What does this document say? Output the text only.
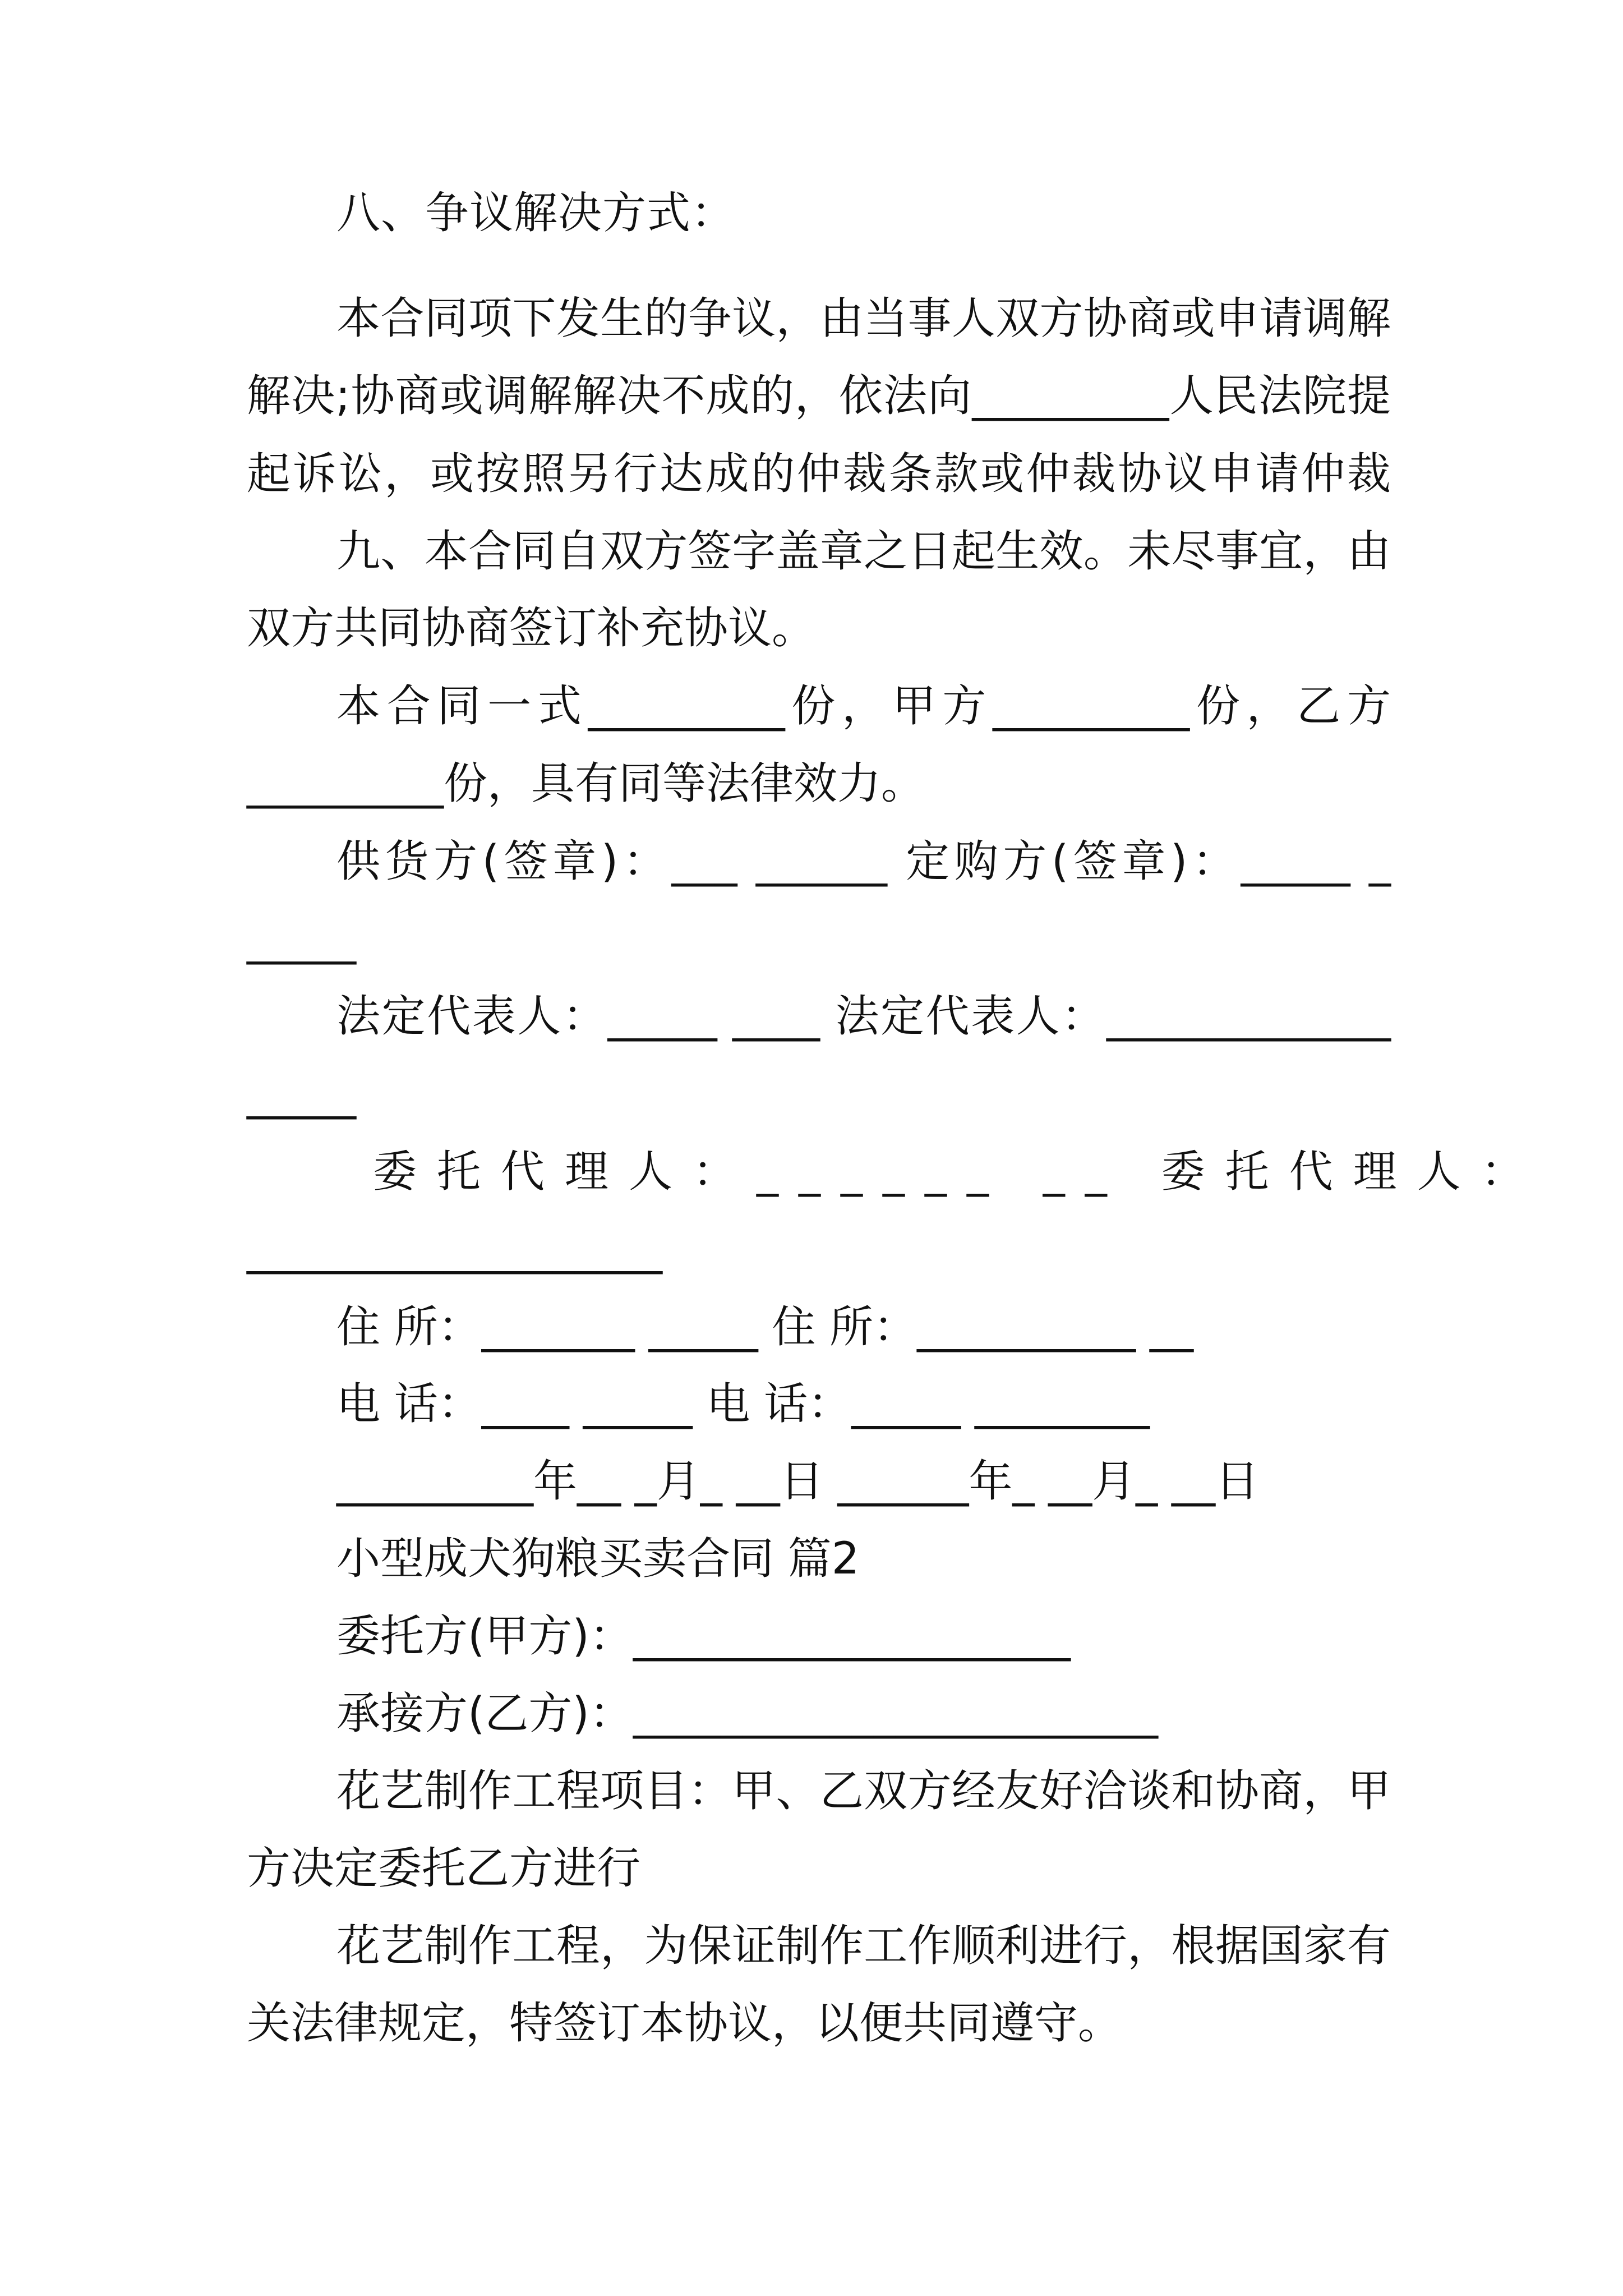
八、争议解决方式：
本合同项下发生的争议，由当事人双方协商或申请调解
解决;协商或调解解决不成的，依法向_________人民法院提
起诉讼，或按照另行达成的仲裁条款或仲裁协议申请仲裁
九、本合同自双方签字盖章之日起生效。未尽事宜，由
双方共同协商签订补充协议。
本合同一式_________份，甲方_________份，乙方
_________份，具有同等法律效力。
供货方(签章)：___ ______ 定购方(签章)：_____ _
_____
法定代表人：_____ ____ 法定代表人：_____________
_____
委托代理人：______ __ 委托代理人：
___________________
住 所：_______ _____ 住 所：__________ __
电 话：____ _____ 电 话：_____ ________
_________年__ _月_ __日 ______年_ __月_ __日
小型成犬狗粮买卖合同 篇2
委托方(甲方)：____________________
承接方(乙方)：________________________
花艺制作工程项目：甲、乙双方经友好洽谈和协商，甲
方决定委托乙方进行
花艺制作工程，为保证制作工作顺利进行，根据国家有
关法律规定，特签订本协议，以便共同遵守。
